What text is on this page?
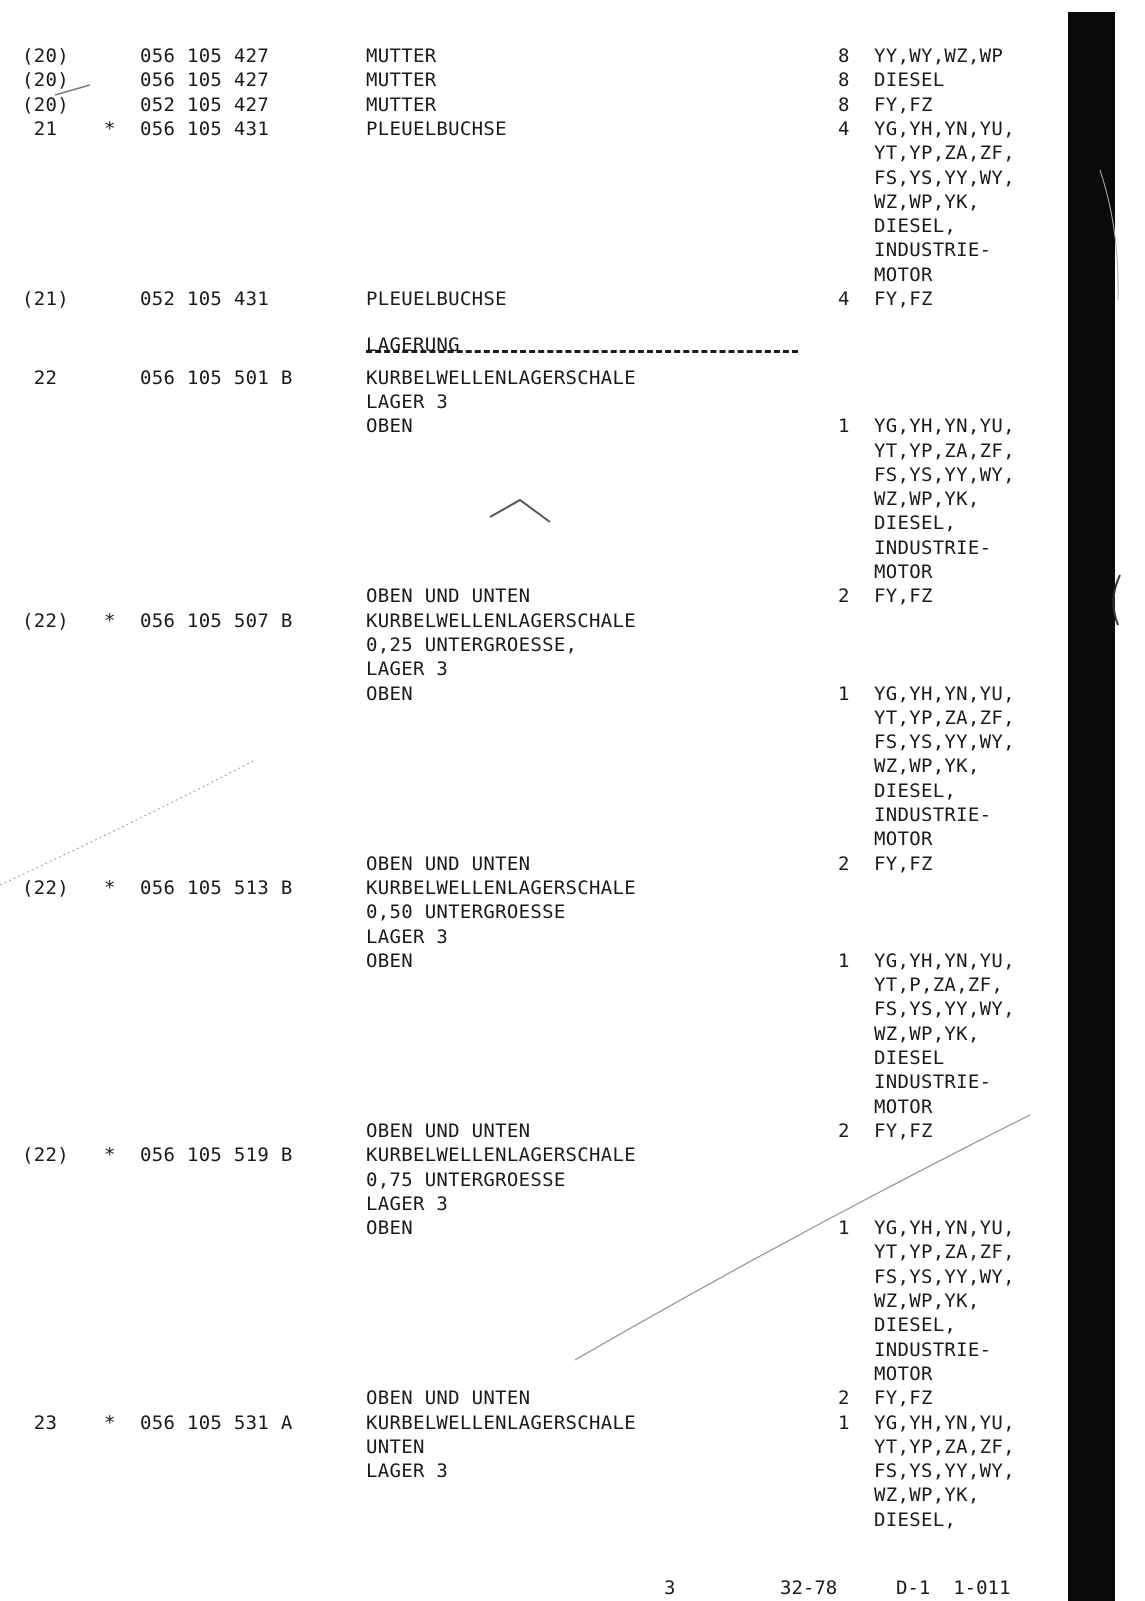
(20)	056 105 427	MUTTER	8 YY,WY,WZ,WP
(20)	056 105 427	MUTTER	8 DIESEL
(20)	052 105 427	MUTTER	8 FY,FZ
21 * 056 105 431	PLEUELBUCHSE	4 YG,YH,YN,YU,
YT,YP,ZA,ZF,
FS,YS,YY,WY,
WZ,WP,YK,
DIESEL,
INDUSTRIE-
MOTOR
(21)	052 105 431	PLEUELBUCHSE	4 FY,FZ
LAGERUNG
22	056 105 501 B	KURBELWELLENLAGERSCHALE
LAGER 3
OBEN	1 YG,YH,YN,YU,
YT,YP,ZA,ZF,
FS,YS,YY,WY,
WZ,WP,YK,
DIESEL,
INDUSTRIE-
MOTOR
OBEN UND UNTEN	2 FY,FZ
(22) * 056 105 507 B	KURBELWELLENLAGERSCHALE
0,25 UNTERGROESSE,
LAGER 3
OBEN	1 YG,YH,YN,YU,
YT,YP,ZA,ZF,
FS,YS,YY,WY,
WZ,WP,YK,
DIESEL,
INDUSTRIE-
MOTOR
OBEN UND UNTEN	2 FY,FZ
(22) * 056 105 513 B	KURBELWELLENLAGERSCHALE
0,50 UNTERGROESSE
LAGER 3
OBEN	1 YG,YH,YN,YU,
YT,P,ZA,ZF,
FS,YS,YY,WY,
WZ,WP,YK,
DIESEL
INDUSTRIE-
MOTOR
OBEN UND UNTEN	2 FY,FZ
(22) * 056 105 519 B	KURBELWELLENLAGERSCHALE
0,75 UNTERGROESSE
LAGER 3
OBEN	1 YG,YH,YN,YU,
YT,YP,ZA,ZF,
FS,YS,YY,WY,
WZ,WP,YK,
DIESEL,
INDUSTRIE-
MOTOR
OBEN UND UNTEN	2 FY,FZ
23 * 056 105 531 A	KURBELWELLENLAGERSCHALE	1 YG,YH,YN,YU,
UNTEN	YT,YP,ZA,ZF,
LAGER 3	FS,YS,YY,WY,
WZ,WP,YK,
DIESEL,
3	32-78	D-1  1-011
